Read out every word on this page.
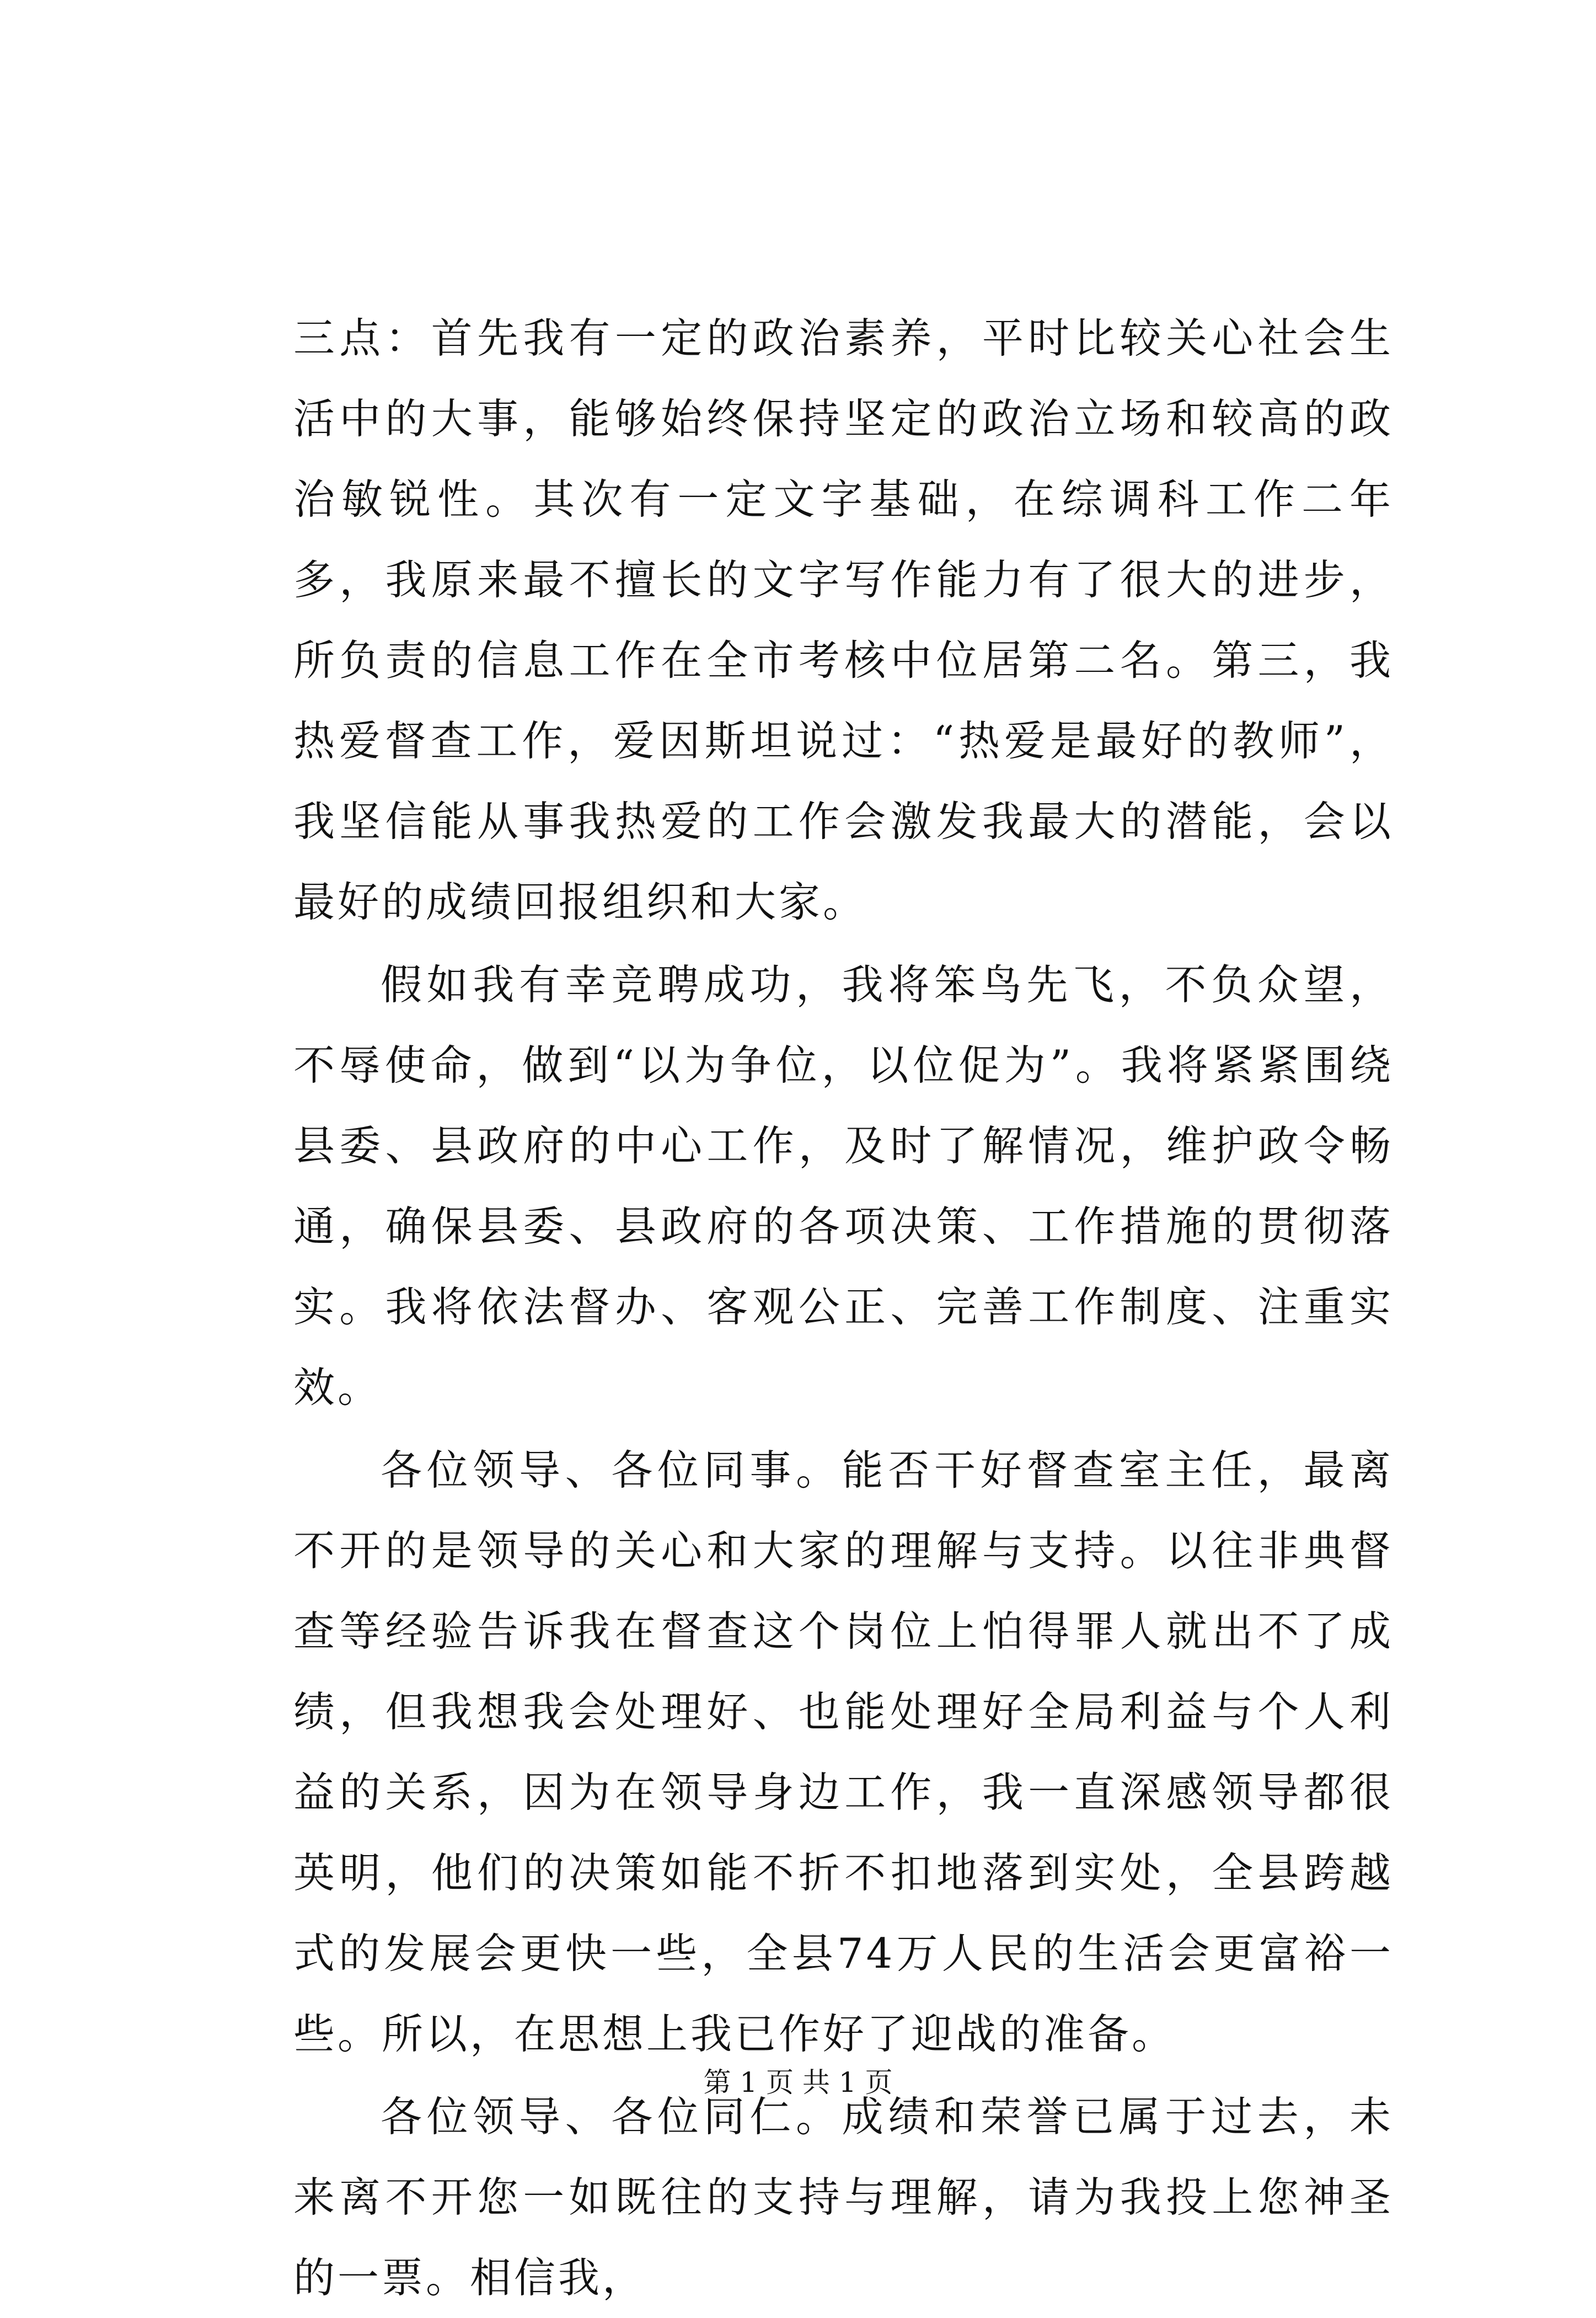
三点：首先我有一定的政治素养，平时比较关心社会生活中的大事，能够始终保持坚定的政治立场和较高的政治敏锐性。其次有一定文字基础，在综调科工作二年多，我原来最不擅长的文字写作能力有了很大的进步，所负责的信息工作在全市考核中位居第二名。第三，我热爱督查工作，爱因斯坦说过：“热爱是最好的教师”，我坚信能从事我热爱的工作会激发我最大的潜能，会以最好的成绩回报组织和大家。

假如我有幸竞聘成功，我将笨鸟先飞，不负众望，不辱使命，做到“以为争位，以位促为”。我将紧紧围绕县委、县政府的中心工作，及时了解情况，维护政令畅通，确保县委、县政府的各项决策、工作措施的贯彻落实。我将依法督办、客观公正、完善工作制度、注重实效。

各位领导、各位同事。能否干好督查室主任，最离不开的是领导的关心和大家的理解与支持。以往非典督查等经验告诉我在督查这个岗位上怕得罪人就出不了成绩，但我想我会处理好、也能处理好全局利益与个人利益的关系，因为在领导身边工作，我一直深感领导都很英明，他们的决策如能不折不扣地落到实处，全县跨越式的发展会更快一些，全县74万人民的生活会更富裕一些。所以，在思想上我已作好了迎战的准备。

各位领导、各位同仁。成绩和荣誉已属于过去，未来离不开您一如既往的支持与理解，请为我投上您神圣的一票。相信我，

第 1 页 共 1 页
